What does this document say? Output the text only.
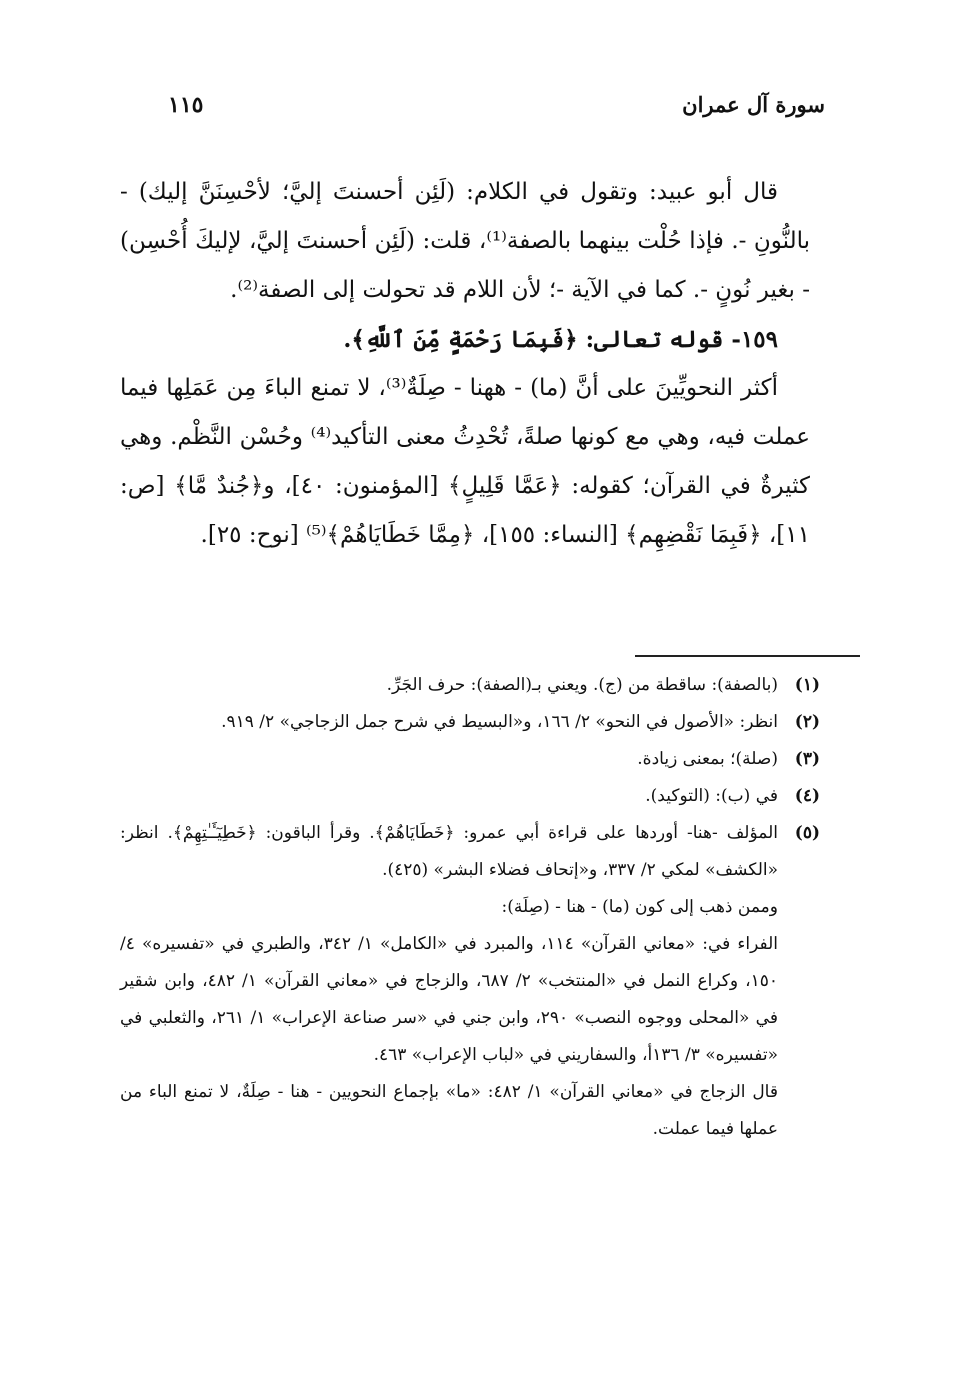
سورة آل عمران
١١٥

قال أبو عبيد: وتقول في الكلام: (لَئِن أحسنتَ إليَّ؛ لأحْسِنَنَّ إليك) - بالنُّونِ -. فإذا حُلْت بينهما بالصفة⁽¹⁾، قلت: (لَئِن أحسنتَ إليَّ، لإليكَ أُحْسِن) - بغير نُونٍ -. كما في الآية -؛ لأن اللام قد تحولت إلى الصفة⁽²⁾.

١٥٩- قوله تعالى: ﴿فَبِمَا رَحْمَةٍ مِّنَ ٱللَّهِ﴾.

أكثر النحويِّينَ على أنَّ (ما) - ههنا - صِلَةٌ⁽³⁾، لا تمنع الباءَ مِن عَمَلِها فيما عملت فيه، وهي مع كونها صلةً، تُحْدِثُ معنى التأكيد⁽⁴⁾ وحُسْن النَّظْم. وهي كثيرةٌ في القرآن؛ كقوله: ﴿عَمَّا قَلِيلٍ﴾ [المؤمنون: ٤٠]، و﴿جُندٌ مَّا﴾ [ص: ١١]، ﴿فَبِمَا نَقْضِهِم﴾ [النساء: ١٥٥]، ﴿مِمَّا خَطَايَاهُمْ﴾⁽⁵⁾ [نوح: ٢٥].

(١)

(بالصفة): ساقطة من (ج). ويعني بـ(الصفة): حرف الجَرِّ.

(٢)

انظر: «الأصول في النحو» ٢/ ١٦٦، و«البسيط في شرح جمل الزجاجي» ٢/ ٩١٩.

(٣)

(صلة)؛ بمعنى زيادة.

(٤)

في (ب): (التوكيد).

(٥)

المؤلف -هنا- أوردها على قراءة أبي عمرو: ﴿خَطَايَاهُمْ﴾. وقرأ الباقون: ﴿خَطِيٓـَٔـٰتِهِمْ﴾. انظر: «الكشف» لمكي ٢/ ٣٣٧، و«إتحاف فضلاء البشر» (٤٢٥).

وممن ذهب إلى كون (ما) - هنا - (صِلَة):

الفراء في: «معاني القرآن» ١١٤، والمبرد في «الكامل» ١/ ٣٤٢، والطبري في «تفسيره» ٤/ ١٥٠، وكراع النمل في «المنتخب» ٢/ ٦٨٧، والزجاج في «معاني القرآن» ١/ ٤٨٢، وابن شقير في «المحلى ووجوه النصب» ٢٩٠، وابن جني في «سر صناعة الإعراب» ١/ ٢٦١، والثعلبي في «تفسيره» ٣/ ١٣٦أ، والسفاريني في «لباب الإعراب» ٤٦٣.

قال الزجاج في «معاني القرآن» ١/ ٤٨٢: «ما» بإجماع النحويين - هنا - صِلَةٌ، لا تمنع الباء من عملها فيما عملت.
